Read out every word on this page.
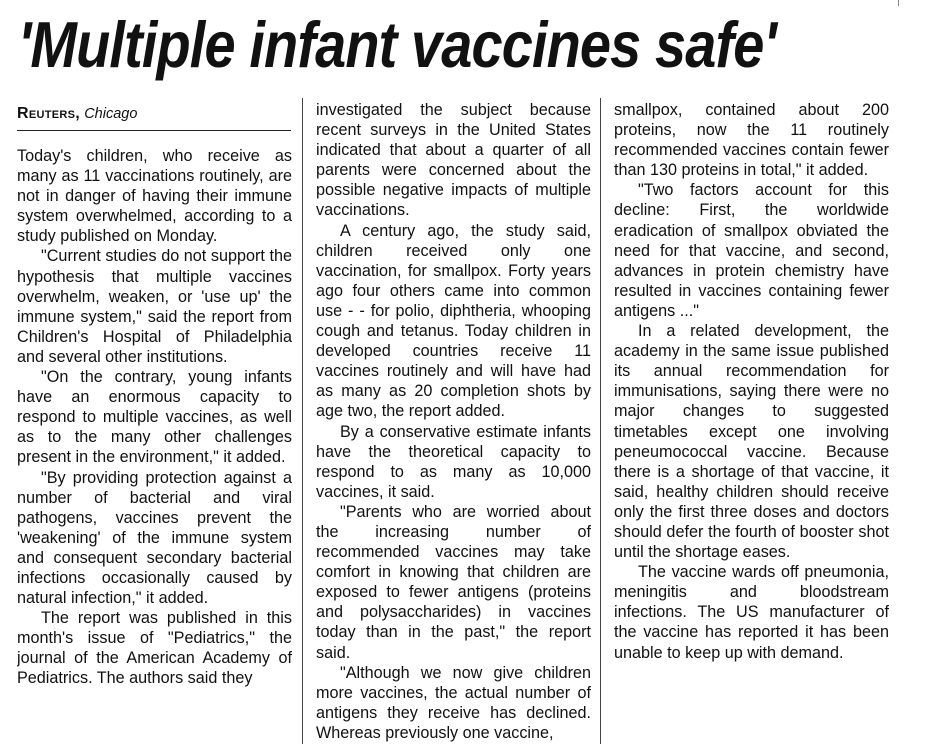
'Multiple infant vaccines safe'
Reuters, Chicago

Today's children, who receive as many as 11 vaccinations routinely, are not in danger of having their immune system overwhelmed, according to a study published on Monday.

"Current studies do not support the hypothesis that multiple vaccines overwhelm, weaken, or 'use up' the immune system," said the report from Children's Hospital of Philadelphia and several other institutions.

"On the contrary, young infants have an enormous capacity to respond to multiple vaccines, as well as to the many other challenges present in the environment," it added.

"By providing protection against a number of bacterial and viral pathogens, vaccines prevent the 'weakening' of the immune system and consequent secondary bacterial infections occasionally caused by natural infection," it added.

The report was published in this month's issue of "Pediatrics," the journal of the American Academy of Pediatrics. The authors said they

investigated the subject because recent surveys in the United States indicated that about a quarter of all parents were concerned about the possible negative impacts of multiple vaccinations.

A century ago, the study said, children received only one vaccination, for smallpox. Forty years ago four others came into common use - - for polio, diphtheria, whooping cough and tetanus. Today children in developed countries receive 11 vaccines routinely and will have had as many as 20 completion shots by age two, the report added.

By a conservative estimate infants have the theoretical capacity to respond to as many as 10,000 vaccines, it said.

"Parents who are worried about the increasing number of recommended vaccines may take comfort in knowing that children are exposed to fewer antigens (proteins and polysaccharides) in vaccines today than in the past," the report said.

"Although we now give children more vaccines, the actual number of antigens they receive has declined. Whereas previously one vaccine,

smallpox, contained about 200 proteins, now the 11 routinely recommended vaccines contain fewer than 130 proteins in total," it added.

"Two factors account for this decline: First, the worldwide eradication of smallpox obviated the need for that vaccine, and second, advances in protein chemistry have resulted in vaccines containing fewer antigens ..."

In a related development, the academy in the same issue published its annual recommendation for immunisations, saying there were no major changes to suggested timetables except one involving peneumococcal vaccine. Because there is a shortage of that vaccine, it said, healthy children should receive only the first three doses and doctors should defer the fourth of booster shot until the shortage eases.

The vaccine wards off pneumonia, meningitis and bloodstream infections. The US manufacturer of the vaccine has reported it has been unable to keep up with demand.
